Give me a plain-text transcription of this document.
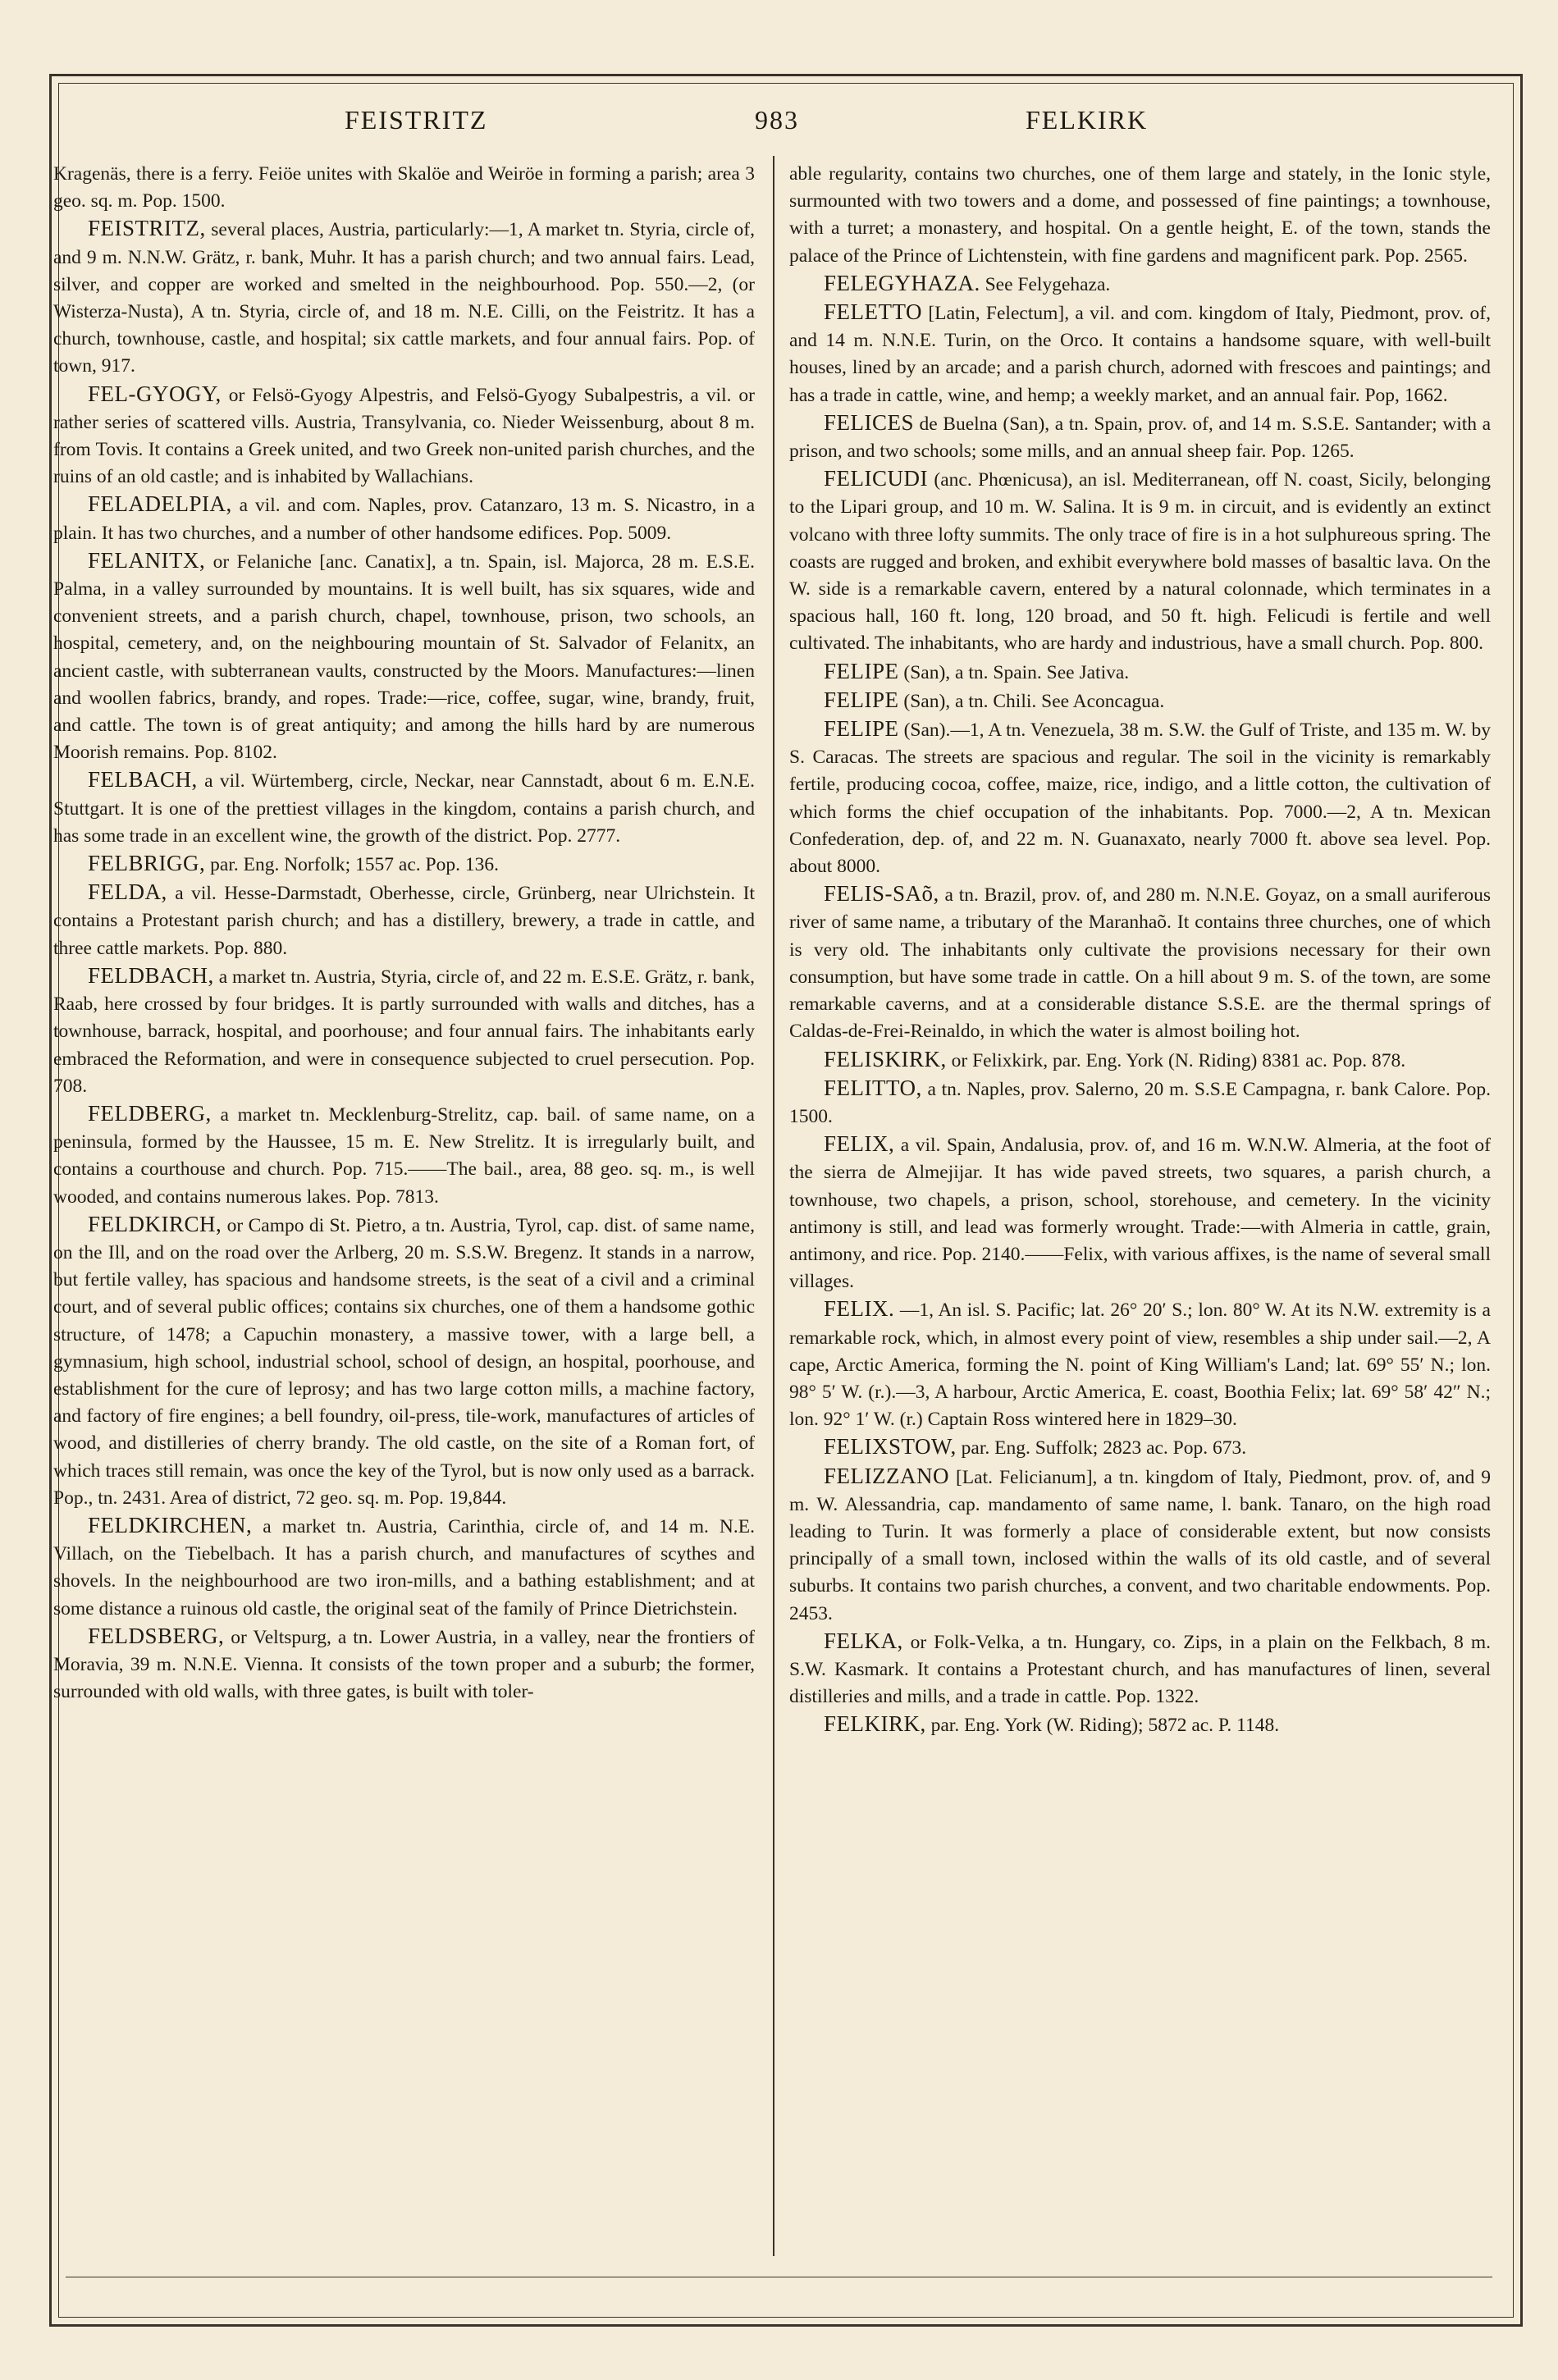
FEISTRITZ	983	FELKIRK

Kragenäs, there is a ferry. Feiöe unites with Skalöe and Weiröe in forming a parish; area 3 geo. sq. m. Pop. 1500.

FEISTRITZ, several places, Austria, particularly:—1, A market tn. Styria, circle of, and 9 m. N.N.W. Grätz, r. bank, Muhr. It has a parish church; and two annual fairs. Lead, silver, and copper are worked and smelted in the neighbourhood. Pop. 550.—2, (or Wisterza-Nusta), A tn. Styria, circle of, and 18 m. N.E. Cilli, on the Feistritz. It has a church, townhouse, castle, and hospital; six cattle markets, and four annual fairs. Pop. of town, 917.

FEL-GYOGY, or Felsö-Gyogy Alpestris, and Felsö-Gyogy Subalpestris, a vil. or rather series of scattered vills. Austria, Transylvania, co. Nieder Weissenburg, about 8 m. from Tovis. It contains a Greek united, and two Greek non-united parish churches, and the ruins of an old castle; and is inhabited by Wallachians.

FELADELPIA, a vil. and com. Naples, prov. Catanzaro, 13 m. S. Nicastro, in a plain. It has two churches, and a number of other handsome edifices. Pop. 5009.

FELANITX, or Felaniche [anc. Canatix], a tn. Spain, isl. Majorca, 28 m. E.S.E. Palma, in a valley surrounded by mountains. It is well built, has six squares, wide and convenient streets, and a parish church, chapel, townhouse, prison, two schools, an hospital, cemetery, and, on the neighbouring mountain of St. Salvador of Felanitx, an ancient castle, with subterranean vaults, constructed by the Moors. Manufactures:—linen and woollen fabrics, brandy, and ropes. Trade:—rice, coffee, sugar, wine, brandy, fruit, and cattle. The town is of great antiquity; and among the hills hard by are numerous Moorish remains. Pop. 8102.

FELBACH, a vil. Würtemberg, circle, Neckar, near Cannstadt, about 6 m. E.N.E. Stuttgart. It is one of the prettiest villages in the kingdom, contains a parish church, and has some trade in an excellent wine, the growth of the district. Pop. 2777.

FELBRIGG, par. Eng. Norfolk; 1557 ac. Pop. 136.

FELDA, a vil. Hesse-Darmstadt, Oberhesse, circle, Grünberg, near Ulrichstein. It contains a Protestant parish church; and has a distillery, brewery, a trade in cattle, and three cattle markets. Pop. 880.

FELDBACH, a market tn. Austria, Styria, circle of, and 22 m. E.S.E. Grätz, r. bank, Raab, here crossed by four bridges. It is partly surrounded with walls and ditches, has a townhouse, barrack, hospital, and poorhouse; and four annual fairs. The inhabitants early embraced the Reformation, and were in consequence subjected to cruel persecution. Pop. 708.

FELDBERG, a market tn. Mecklenburg-Strelitz, cap. bail. of same name, on a peninsula, formed by the Haussee, 15 m. E. New Strelitz. It is irregularly built, and contains a courthouse and church. Pop. 715.——The bail., area, 88 geo. sq. m., is well wooded, and contains numerous lakes. Pop. 7813.

FELDKIRCH, or Campo di St. Pietro, a tn. Austria, Tyrol, cap. dist. of same name, on the Ill, and on the road over the Arlberg, 20 m. S.S.W. Bregenz. It stands in a narrow, but fertile valley, has spacious and handsome streets, is the seat of a civil and a criminal court, and of several public offices; contains six churches, one of them a handsome gothic structure, of 1478; a Capuchin monastery, a massive tower, with a large bell, a gymnasium, high school, industrial school, school of design, an hospital, poorhouse, and establishment for the cure of leprosy; and has two large cotton mills, a machine factory, and factory of fire engines; a bell foundry, oil-press, tile-work, manufactures of articles of wood, and distilleries of cherry brandy. The old castle, on the site of a Roman fort, of which traces still remain, was once the key of the Tyrol, but is now only used as a barrack. Pop., tn. 2431. Area of district, 72 geo. sq. m. Pop. 19,844.

FELDKIRCHEN, a market tn. Austria, Carinthia, circle of, and 14 m. N.E. Villach, on the Tiebelbach. It has a parish church, and manufactures of scythes and shovels. In the neighbourhood are two iron-mills, and a bathing establishment; and at some distance a ruinous old castle, the original seat of the family of Prince Dietrichstein.

FELDSBERG, or Veltspurg, a tn. Lower Austria, in a valley, near the frontiers of Moravia, 39 m. N.N.E. Vienna. It consists of the town proper and a suburb; the former, surrounded with old walls, with three gates, is built with toler-

able regularity, contains two churches, one of them large and stately, in the Ionic style, surmounted with two towers and a dome, and possessed of fine paintings; a townhouse, with a turret; a monastery, and hospital. On a gentle height, E. of the town, stands the palace of the Prince of Lichtenstein, with fine gardens and magnificent park. Pop. 2565.

FELEGYHAZA. See Felygehaza.

FELETTO [Latin, Felectum], a vil. and com. kingdom of Italy, Piedmont, prov. of, and 14 m. N.N.E. Turin, on the Orco. It contains a handsome square, with well-built houses, lined by an arcade; and a parish church, adorned with frescoes and paintings; and has a trade in cattle, wine, and hemp; a weekly market, and an annual fair. Pop, 1662.

FELICES de Buelna (San), a tn. Spain, prov. of, and 14 m. S.S.E. Santander; with a prison, and two schools; some mills, and an annual sheep fair. Pop. 1265.

FELICUDI (anc. Phœnicusa), an isl. Mediterranean, off N. coast, Sicily, belonging to the Lipari group, and 10 m. W. Salina. It is 9 m. in circuit, and is evidently an extinct volcano with three lofty summits. The only trace of fire is in a hot sulphureous spring. The coasts are rugged and broken, and exhibit everywhere bold masses of basaltic lava. On the W. side is a remarkable cavern, entered by a natural colonnade, which terminates in a spacious hall, 160 ft. long, 120 broad, and 50 ft. high. Felicudi is fertile and well cultivated. The inhabitants, who are hardy and industrious, have a small church. Pop. 800.

FELIPE (San), a tn. Spain. See Jativa.

FELIPE (San), a tn. Chili. See Aconcagua.

FELIPE (San).—1, A tn. Venezuela, 38 m. S.W. the Gulf of Triste, and 135 m. W. by S. Caracas. The streets are spacious and regular. The soil in the vicinity is remarkably fertile, producing cocoa, coffee, maize, rice, indigo, and a little cotton, the cultivation of which forms the chief occupation of the inhabitants. Pop. 7000.—2, A tn. Mexican Confederation, dep. of, and 22 m. N. Guanaxato, nearly 7000 ft. above sea level. Pop. about 8000.

FELIS-SAõ, a tn. Brazil, prov. of, and 280 m. N.N.E. Goyaz, on a small auriferous river of same name, a tributary of the Maranhaõ. It contains three churches, one of which is very old. The inhabitants only cultivate the provisions necessary for their own consumption, but have some trade in cattle. On a hill about 9 m. S. of the town, are some remarkable caverns, and at a considerable distance S.S.E. are the thermal springs of Caldas-de-Frei-Reinaldo, in which the water is almost boiling hot.

FELISKIRK, or Felixkirk, par. Eng. York (N. Riding) 8381 ac. Pop. 878.

FELITTO, a tn. Naples, prov. Salerno, 20 m. S.S.E Campagna, r. bank Calore. Pop. 1500.

FELIX, a vil. Spain, Andalusia, prov. of, and 16 m. W.N.W. Almeria, at the foot of the sierra de Almejijar. It has wide paved streets, two squares, a parish church, a townhouse, two chapels, a prison, school, storehouse, and cemetery. In the vicinity antimony is still, and lead was formerly wrought. Trade:—with Almeria in cattle, grain, antimony, and rice. Pop. 2140.——Felix, with various affixes, is the name of several small villages.

FELIX. —1, An isl. S. Pacific; lat. 26° 20′ S.; lon. 80° W. At its N.W. extremity is a remarkable rock, which, in almost every point of view, resembles a ship under sail.—2, A cape, Arctic America, forming the N. point of King William's Land; lat. 69° 55′ N.; lon. 98° 5′ W. (r.).—3, A harbour, Arctic America, E. coast, Boothia Felix; lat. 69° 58′ 42″ N.; lon. 92° 1′ W. (r.) Captain Ross wintered here in 1829–30.

FELIXSTOW, par. Eng. Suffolk; 2823 ac. Pop. 673.

FELIZZANO [Lat. Felicianum], a tn. kingdom of Italy, Piedmont, prov. of, and 9 m. W. Alessandria, cap. mandamento of same name, l. bank. Tanaro, on the high road leading to Turin. It was formerly a place of considerable extent, but now consists principally of a small town, inclosed within the walls of its old castle, and of several suburbs. It contains two parish churches, a convent, and two charitable endowments. Pop. 2453.

FELKA, or Folk-Velka, a tn. Hungary, co. Zips, in a plain on the Felkbach, 8 m. S.W. Kasmark. It contains a Protestant church, and has manufactures of linen, several distilleries and mills, and a trade in cattle. Pop. 1322.

FELKIRK, par. Eng. York (W. Riding); 5872 ac. P. 1148.
